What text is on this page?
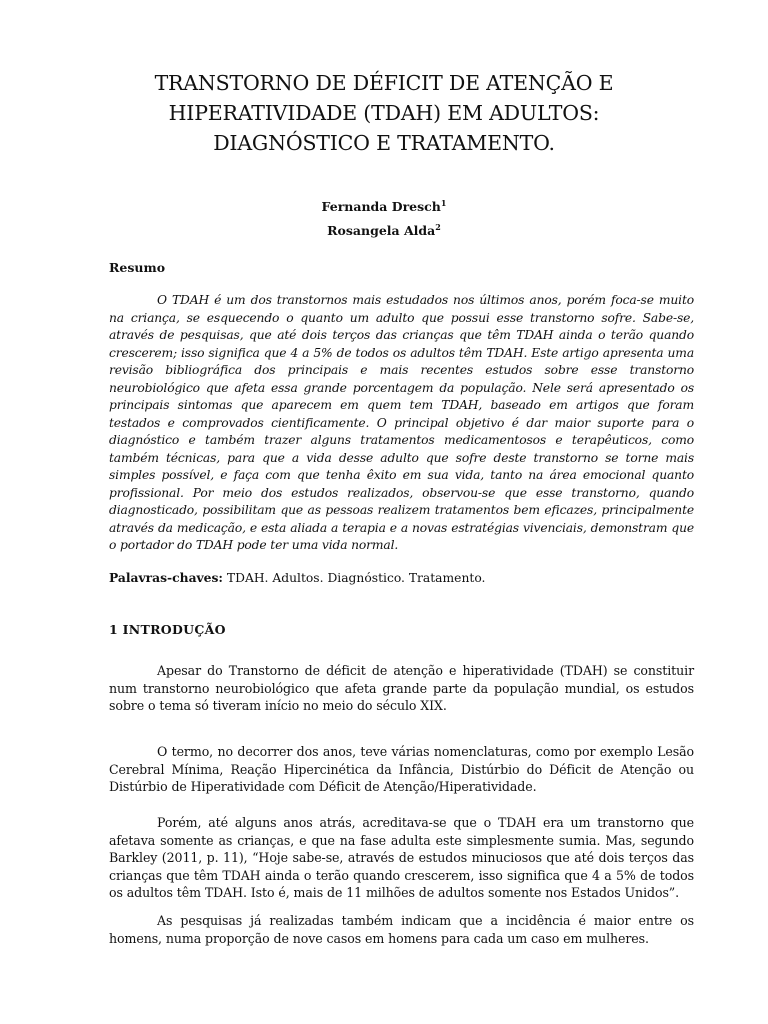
TRANSTORNO DE DÉFICIT DE ATENÇÃO E
HIPERATIVIDADE (TDAH) EM ADULTOS:
DIAGNÓSTICO E TRATAMENTO.
Fernanda Dresch$^1$
Rosangela Alda$^2$
Resumo

O TDAH é um dos transtornos mais estudados nos últimos anos, porém foca-se muito na criança, se esquecendo o quanto um adulto que possui esse transtorno sofre. Sabe-se, através de pesquisas, que até dois terços das crianças que têm TDAH ainda o terão quando crescerem; isso significa que 4 a 5% de todos os adultos têm TDAH. Este artigo apresenta uma revisão bibliográfica dos principais e mais recentes estudos sobre esse transtorno neurobiológico que afeta essa grande porcentagem da população. Nele será apresentado os principais sintomas que aparecem em quem tem TDAH, baseado em artigos que foram testados e comprovados cientificamente. O principal objetivo é dar maior suporte para o diagnóstico e também trazer alguns tratamentos medicamentosos e terapêuticos, como também técnicas, para que a vida desse adulto que sofre deste transtorno se torne mais simples possível, e faça com que tenha êxito em sua vida, tanto na área emocional quanto profissional. Por meio dos estudos realizados, observou-se que esse transtorno, quando diagnosticado, possibilitam que as pessoas realizem tratamentos bem eficazes, principalmente através da medicação, e esta aliada a terapia e a novas estratégias vivenciais, demonstram que o portador do TDAH pode ter uma vida normal.

Palavras-chaves: TDAH. Adultos. Diagnóstico. Tratamento.
1 INTRODUÇÃO

Apesar do Transtorno de déficit de atenção e hiperatividade (TDAH) se constituir num transtorno neurobiológico que afeta grande parte da população mundial, os estudos sobre o tema só tiveram início no meio do século XIX.

O termo, no decorrer dos anos, teve várias nomenclaturas, como por exemplo Lesão Cerebral Mínima, Reação Hipercinética da Infância, Distúrbio do Déficit de Atenção ou Distúrbio de Hiperatividade com Déficit de Atenção/Hiperatividade.

Porém, até alguns anos atrás, acreditava-se que o TDAH era um transtorno que afetava somente as crianças, e que na fase adulta este simplesmente sumia. Mas, segundo Barkley (2011, p. 11), “Hoje sabe-se, através de estudos minuciosos que até dois terços das crianças que têm TDAH ainda o terão quando crescerem, isso significa que 4 a 5% de todos os adultos têm TDAH. Isto é, mais de 11 milhões de adultos somente nos Estados Unidos”.

As pesquisas já realizadas também indicam que a incidência é maior entre os homens, numa proporção de nove casos em homens para cada um caso em mulheres.
